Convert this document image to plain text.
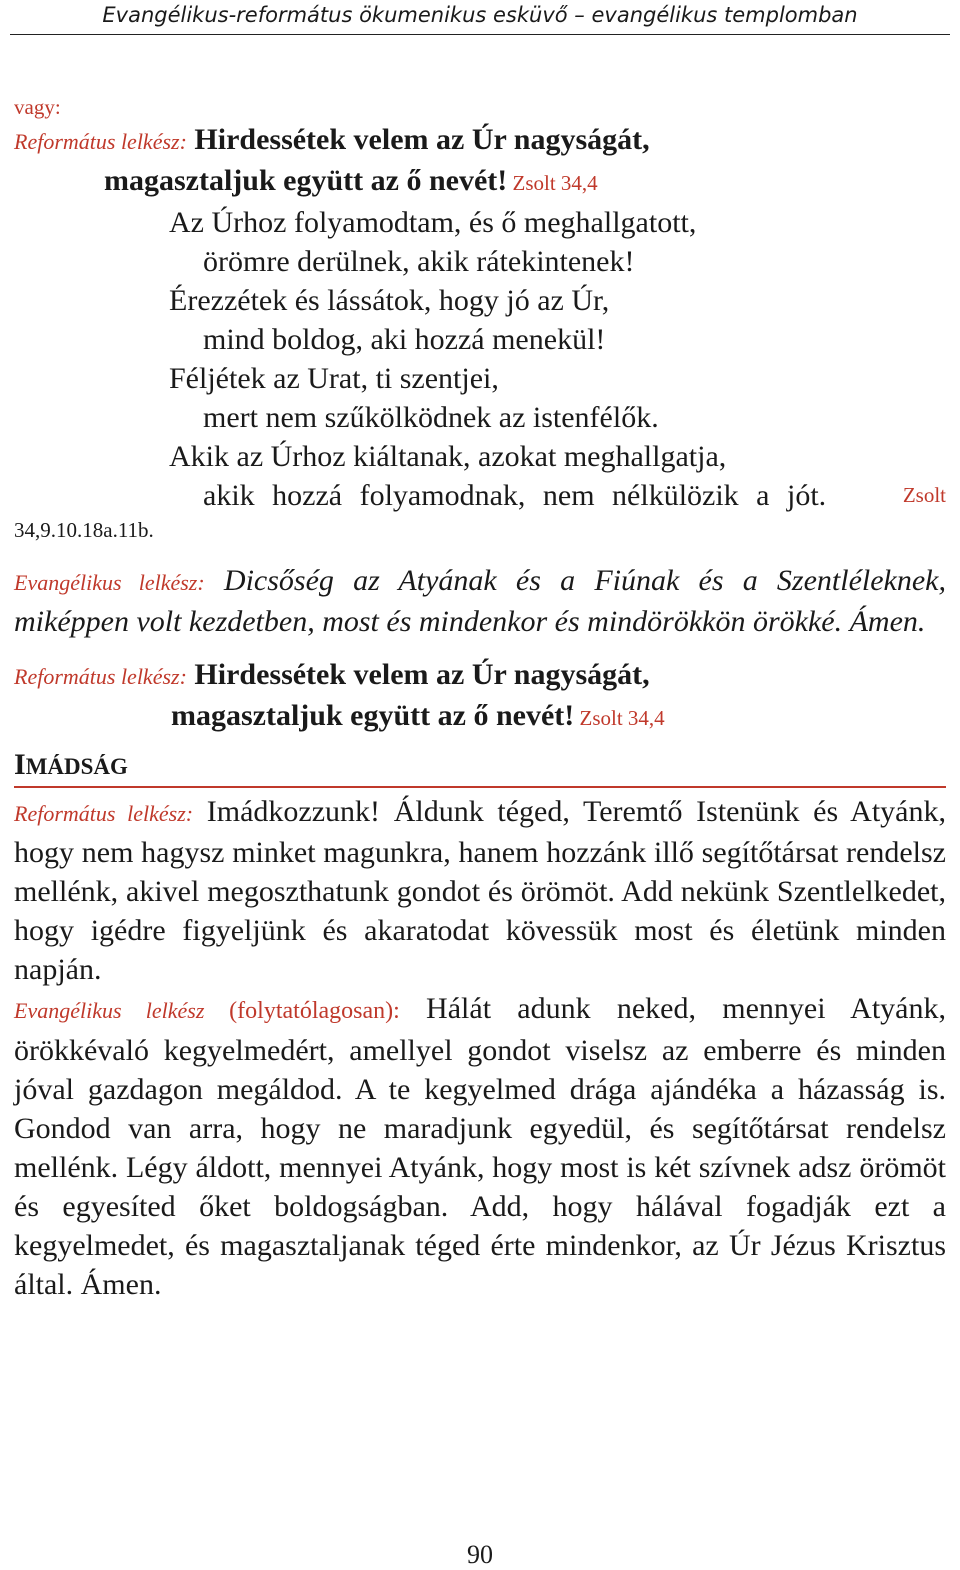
Evangélikus-református ökumenikus esküvő – evangélikus templomban
vagy:
Református lelkész: Hirdessétek velem az Úr nagyságát,
magasztaljuk együtt az ő nevét! Zsolt 34,4
Az Úrhoz folyamodtam, és ő meghallgatott,
örömre derülnek, akik rátekintenek!
Érezzétek és lássátok, hogy jó az Úr,
mind boldog, aki hozzá menekül!
Féljétek az Urat, ti szentjei,
mert nem szűkölködnek az istenfélők.
Akik az Úrhoz kiáltanak, azokat meghallgatja,
akik hozzá folyamodnak, nem nélkülözik a jót.	Zsolt
34,9.10.18a.11b.
Evangélikus lelkész: Dicsőség az Atyának és a Fiúnak és a Szentléleknek, miképpen volt kezdetben, most és mindenkor és mindörökkön örökké. Ámen.
Református lelkész: Hirdessétek velem az Úr nagyságát,
magasztaljuk együtt az ő nevét! Zsolt 34,4
IMÁDSÁG
Református lelkész: Imádkozzunk! Áldunk téged, Teremtő Istenünk és Atyánk, hogy nem hagysz minket magunkra, hanem hozzánk illő segítőtársat rendelsz mellénk, akivel megoszthatunk gondot és örömöt. Add nekünk Szentlelkedet, hogy igédre figyeljünk és akaratodat kövessük most és életünk minden napján.
Evangélikus lelkész (folytatólagosan): Hálát adunk neked, mennyei Atyánk, örökkévaló kegyelmedért, amellyel gondot viselsz az emberre és minden jóval gazdagon megáldod. A te kegyelmed drága ajándéka a házasság is. Gondod van arra, hogy ne maradjunk egyedül, és segítőtársat rendelsz mellénk. Légy áldott, mennyei Atyánk, hogy most is két szívnek adsz örömöt és egyesíted őket boldogságban. Add, hogy hálával fogadják ezt a kegyelmedet, és magasztaljanak téged érte mindenkor, az Úr Jézus Krisztus által. Ámen.
90
